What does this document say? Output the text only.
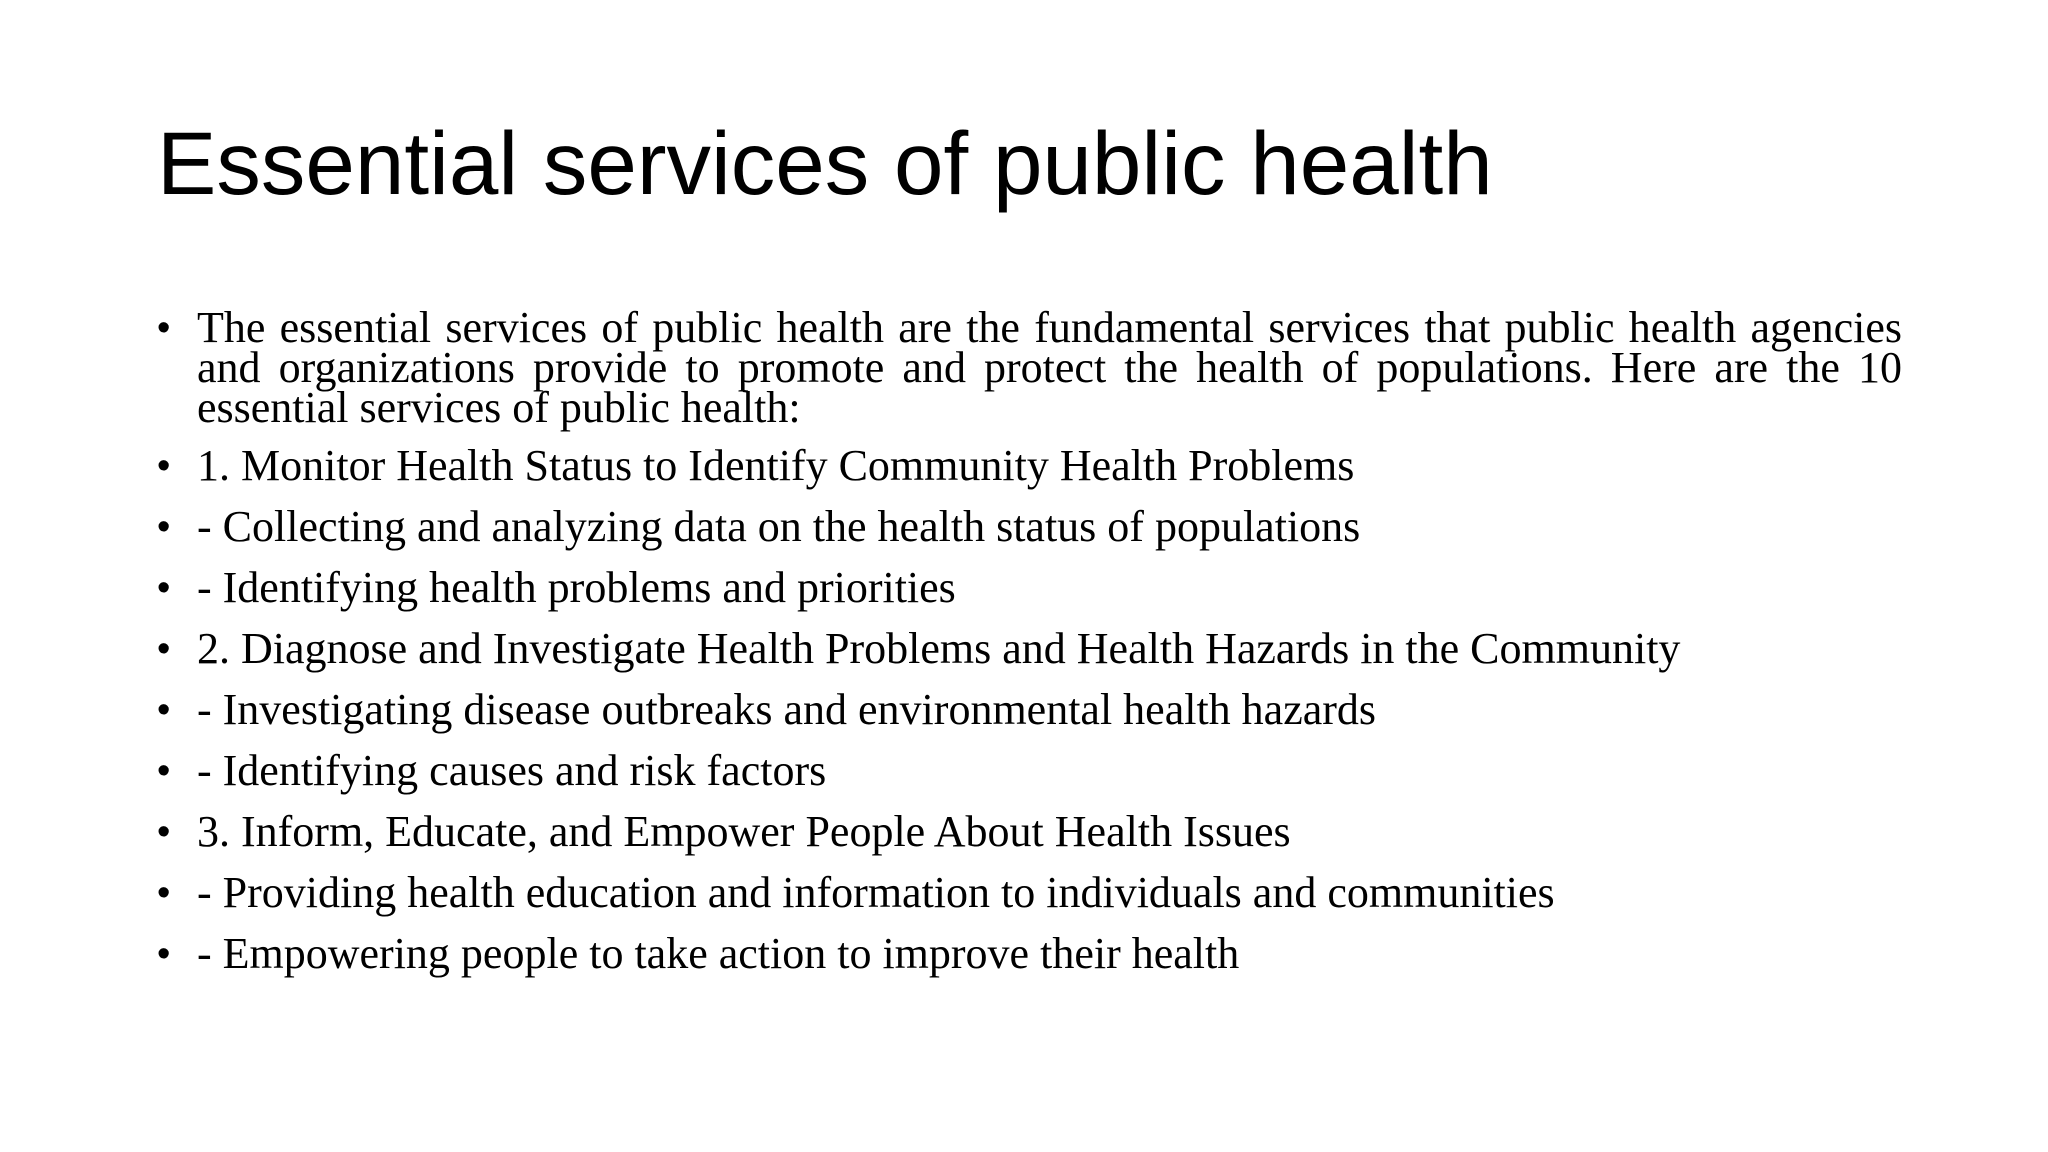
Essential services of public health
• The essential services of public health are the fundamental services that public health agencies and organizations provide to promote and protect the health of populations. Here are the 10 essential services of public health:
• 1. Monitor Health Status to Identify Community Health Problems
• - Collecting and analyzing data on the health status of populations
• - Identifying health problems and priorities
• 2. Diagnose and Investigate Health Problems and Health Hazards in the Community
• - Investigating disease outbreaks and environmental health hazards
• - Identifying causes and risk factors
• 3. Inform, Educate, and Empower People About Health Issues
• - Providing health education and information to individuals and communities
• - Empowering people to take action to improve their health
